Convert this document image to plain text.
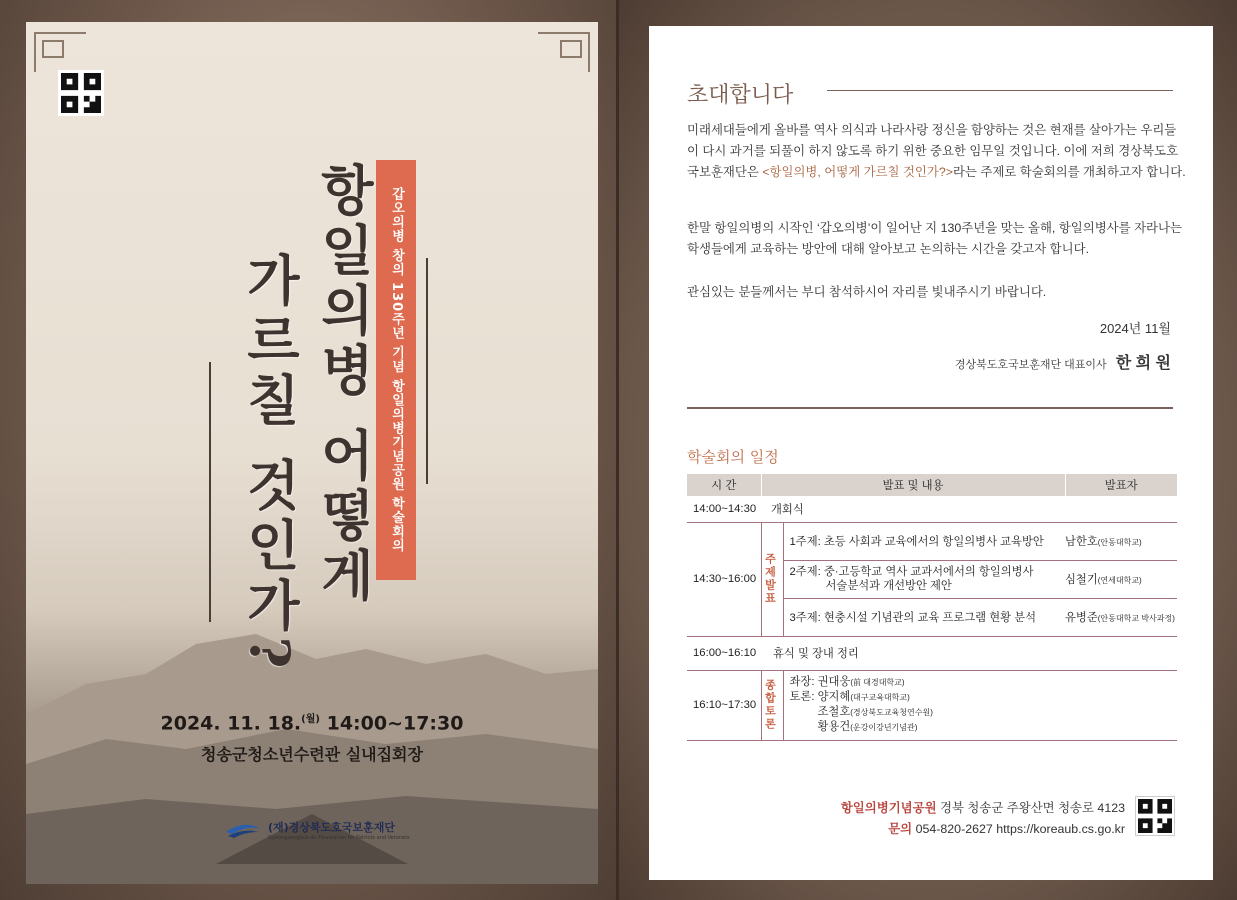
항일의병 어떻게
가르칠 것인가?	갑오의병 창의 130주년 기념 항일의병기념공원 학술회의
2024. 11. 18.$^{(월)}$ 14:00~17:30
청송군청소년수련관 실내집회장
(재)경상북도호국보훈재단
Gyeongsangbuk-do Foundation for Patriots and Veterans
초대합니다
미래세대들에게 올바를 역사 의식과 나라사랑 정신을 함양하는 것은 현재를 살아가는 우리들이 다시 과거를 되풀이 하지 않도록 하기 위한 중요한 임무일 것입니다. 이에 저희 경상북도호국보훈재단은 <항일의병, 어떻게 가르칠 것인가?>라는 주제로 학술회의를 개최하고자 합니다.
한말 항일의병의 시작인 ‘갑오의병’이 일어난 지 130주년을 맞는 올해, 항일의병사를 자라나는 학생들에게 교육하는 방안에 대해 알아보고 논의하는 시간을 갖고자 합니다.
관심있는 분들께서는 부디 참석하시어 자리를 빛내주시기 바랍니다.
2024년 11월
경상북도호국보훈재단 대표이사 한 희 원
학술회의 일정
시 간	발표 및 내용		발표자
14:00~14:30	개회식		
14:30~16:00	주제발표	1주제: 초등 사회과 교육에서의 항일의병사 교육방안	남한호(안동대학교)

		2주제: 중·고등학교 역사 교과서에서의 항일의병사
서술분석과 개선방안 제안	심철기(연세대학교)
		3주제: 현충시설 기념관의 교육 프로그램 현황 분석	유병준(안동대학교 박사과정)
16:00~16:10	휴식 및 장내 정리		
16:10~17:30	종합토론	좌장: 권대웅(前 대경대학교)
토론: 양지혜(대구교육대학교)
조철호(경상북도교육청연수원)
황용건(운강이강년기념관)	
항일의병기념공원 경북 청송군 주왕산면 청송로 4123
문의 054-820-2627 https://koreaub.cs.go.kr
